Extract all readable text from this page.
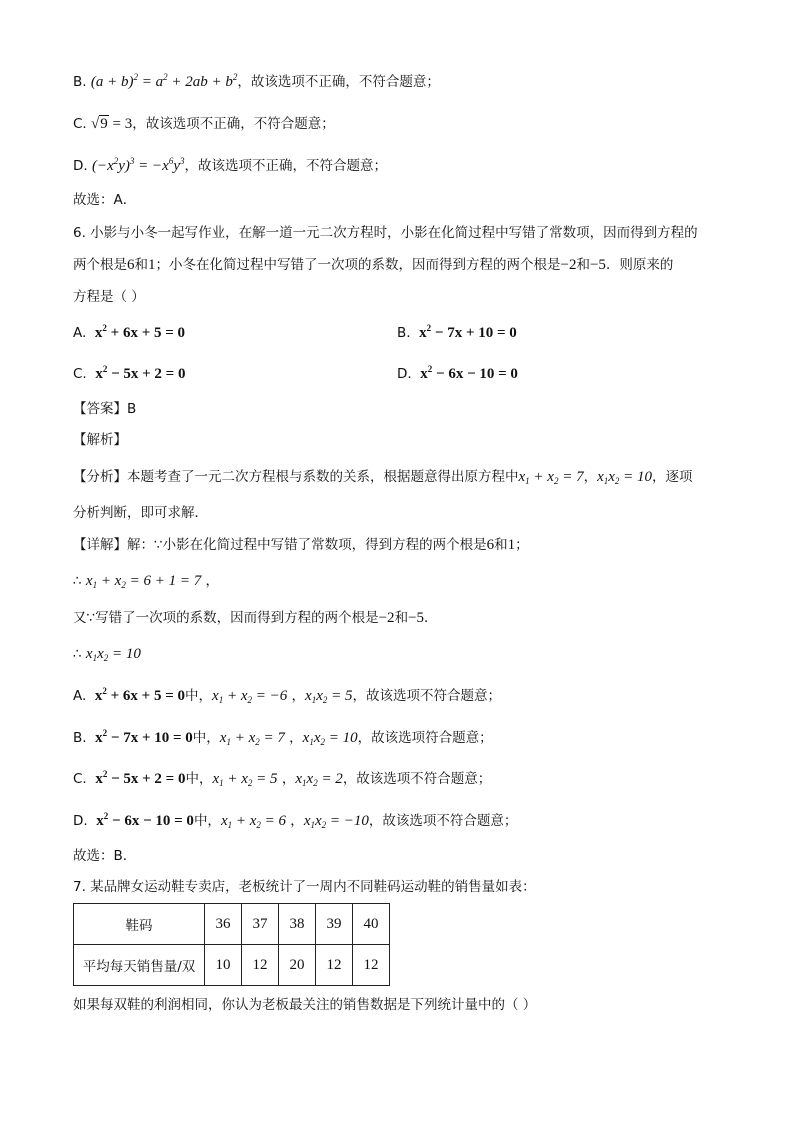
B. $(a + b)^2 = a^2 + 2ab + b^2$，故该选项不正确，不符合题意；
C. √9 = 3，故该选项不正确，不符合题意；
D. $(-x^2y)^3 = -x^6y^3$，故该选项不正确，不符合题意；
故选：A．
6. 小影与小冬一起写作业，在解一道一元二次方程时，小影在化简过程中写错了常数项，因而得到方程的
两个根是6和1；小冬在化简过程中写错了一次项的系数，因而得到方程的两个根是−2和−5．则原来的
方程是（ ）
A. $x^2 + 6x + 5 = 0$	B. $x^2 - 7x + 10 = 0$
C. $x^2 - 5x + 2 = 0$	D. $x^2 - 6x - 10 = 0$
【答案】B
【解析】
【分析】本题考查了一元二次方程根与系数的关系，根据题意得出原方程中$x_1 + x_2 = 7$，$x_1x_2 = 10$，逐项
分析判断，即可求解．
【详解】解：∵小影在化简过程中写错了常数项，得到方程的两个根是6和1；
∴ $x_1 + x_2 = 6 + 1 = 7$ ，
又∵写错了一次项的系数，因而得到方程的两个根是−2和−5．
∴ $x_1x_2 = 10$
A.  $x^2 + 6x + 5 = 0$中，$x_1 + x_2 = -6$ ，$x_1x_2 = 5$，故该选项不符合题意；
B.  $x^2 - 7x + 10 = 0$中，$x_1 + x_2 = 7$ ，$x_1x_2 = 10$，故该选项符合题意；
C.  $x^2 - 5x + 2 = 0$中，$x_1 + x_2 = 5$ ，$x_1x_2 = 2$，故该选项不符合题意；
D.  $x^2 - 6x - 10 = 0$中，$x_1 + x_2 = 6$ ，$x_1x_2 = -10$，故该选项不符合题意；
故选：B．
7. 某品牌女运动鞋专卖店，老板统计了一周内不同鞋码运动鞋的销售量如表：
鞋码	36	37	38	39	40
平均每天销售量/双	10	12	20	12	12
如果每双鞋的利润相同，你认为老板最关注的销售数据是下列统计量中的（ ）
